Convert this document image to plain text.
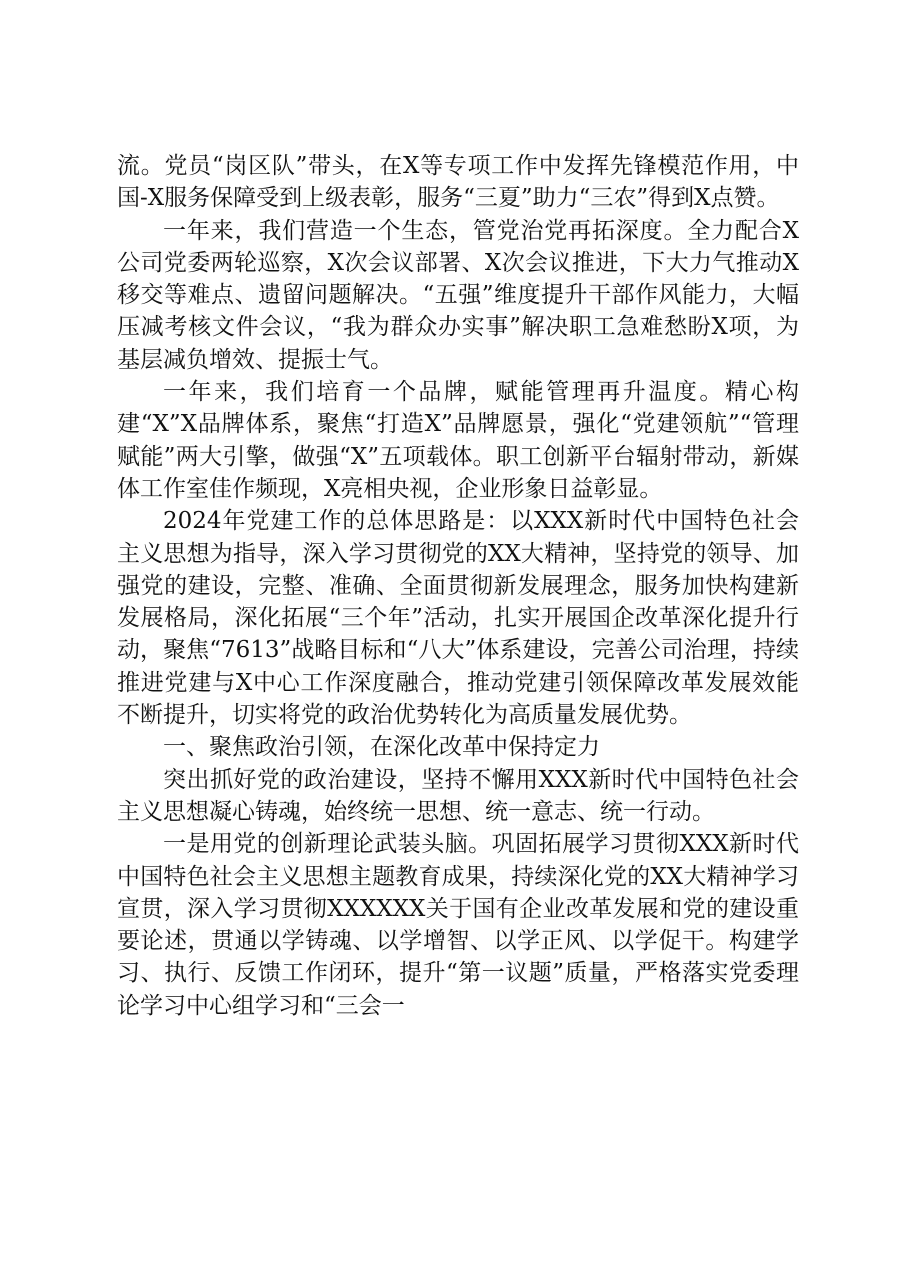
流。党员“岗区队”带头，在X等专项工作中发挥先锋模范作用，中国-X服务保障受到上级表彰，服务“三夏”助力“三农”得到X点赞。

一年来，我们营造一个生态，管党治党再拓深度。全力配合X公司党委两轮巡察，X次会议部署、X次会议推进，下大力气推动X移交等难点、遗留问题解决。“五强”维度提升干部作风能力，大幅压减考核文件会议，“我为群众办实事”解决职工急难愁盼X项，为基层减负增效、提振士气。

一年来，我们培育一个品牌，赋能管理再升温度。精心构建“X”X品牌体系，聚焦“打造X”品牌愿景，强化“党建领航”“管理赋能”两大引擎，做强“X”五项载体。职工创新平台辐射带动，新媒体工作室佳作频现，X亮相央视，企业形象日益彰显。

2024年党建工作的总体思路是：以XXX新时代中国特色社会主义思想为指导，深入学习贯彻党的XX大精神，坚持党的领导、加强党的建设，完整、准确、全面贯彻新发展理念，服务加快构建新发展格局，深化拓展“三个年”活动，扎实开展国企改革深化提升行动，聚焦“7613”战略目标和“八大”体系建设，完善公司治理，持续推进党建与X中心工作深度融合，推动党建引领保障改革发展效能不断提升，切实将党的政治优势转化为高质量发展优势。

一、聚焦政治引领，在深化改革中保持定力

突出抓好党的政治建设，坚持不懈用XXX新时代中国特色社会主义思想凝心铸魂，始终统一思想、统一意志、统一行动。

一是用党的创新理论武装头脑。巩固拓展学习贯彻XXX新时代中国特色社会主义思想主题教育成果，持续深化党的XX大精神学习宣贯，深入学习贯彻XXXXXX关于国有企业改革发展和党的建设重要论述，贯通以学铸魂、以学增智、以学正风、以学促干。构建学习、执行、反馈工作闭环，提升“第一议题”质量，严格落实党委理论学习中心组学习和“三会一
